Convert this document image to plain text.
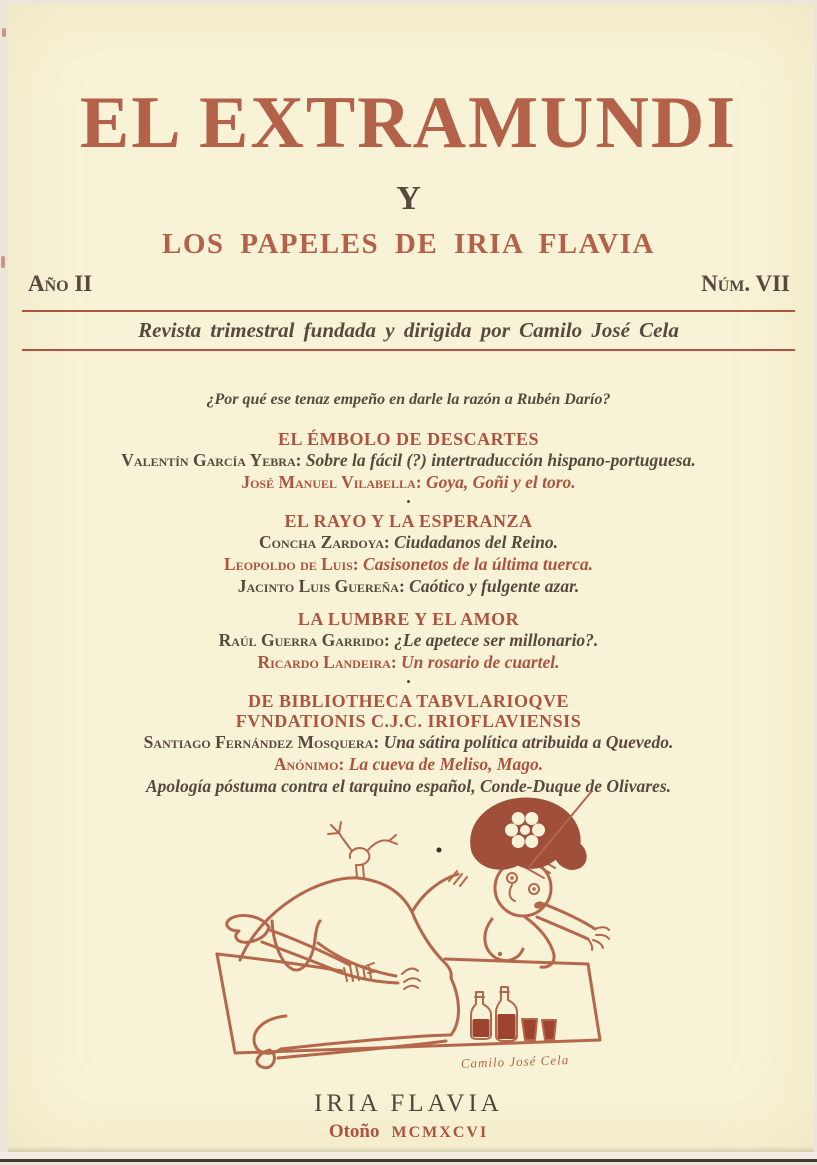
EL EXTRAMUNDI
Y
LOS PAPELES DE IRIA FLAVIA
Año II	Núm. VII
Revista trimestral fundada y dirigida por Camilo José Cela
¿Por qué ese tenaz empeño en darle la razón a Rubén Darío?
EL ÉMBOLO DE DESCARTES
Valentín García Yebra: Sobre la fácil (?) intertraducción hispano-portuguesa.
José Manuel Vilabella: Goya, Goñi y el toro.
•
EL RAYO Y LA ESPERANZA
Concha Zardoya: Ciudadanos del Reino.
Leopoldo de Luis: Casisonetos de la última tuerca.
Jacinto Luis Guereña: Caótico y fulgente azar.
LA LUMBRE Y EL AMOR
Raúl Guerra Garrido: ¿Le apetece ser millonario?.
Ricardo Landeira: Un rosario de cuartel.
•
DE BIBLIOTHECA TABVLARIOQVE
FVNDATIONIS C.J.C. IRIOFLAVIENSIS
Santiago Fernández Mosquera: Una sátira política atribuida a Quevedo.
Anónimo: La cueva de Meliso, Mago.
Apología póstuma contra el tarquino español, Conde-Duque de Olivares.
Camilo José Cela
IRIA FLAVIA
Otoño MCMXCVI
